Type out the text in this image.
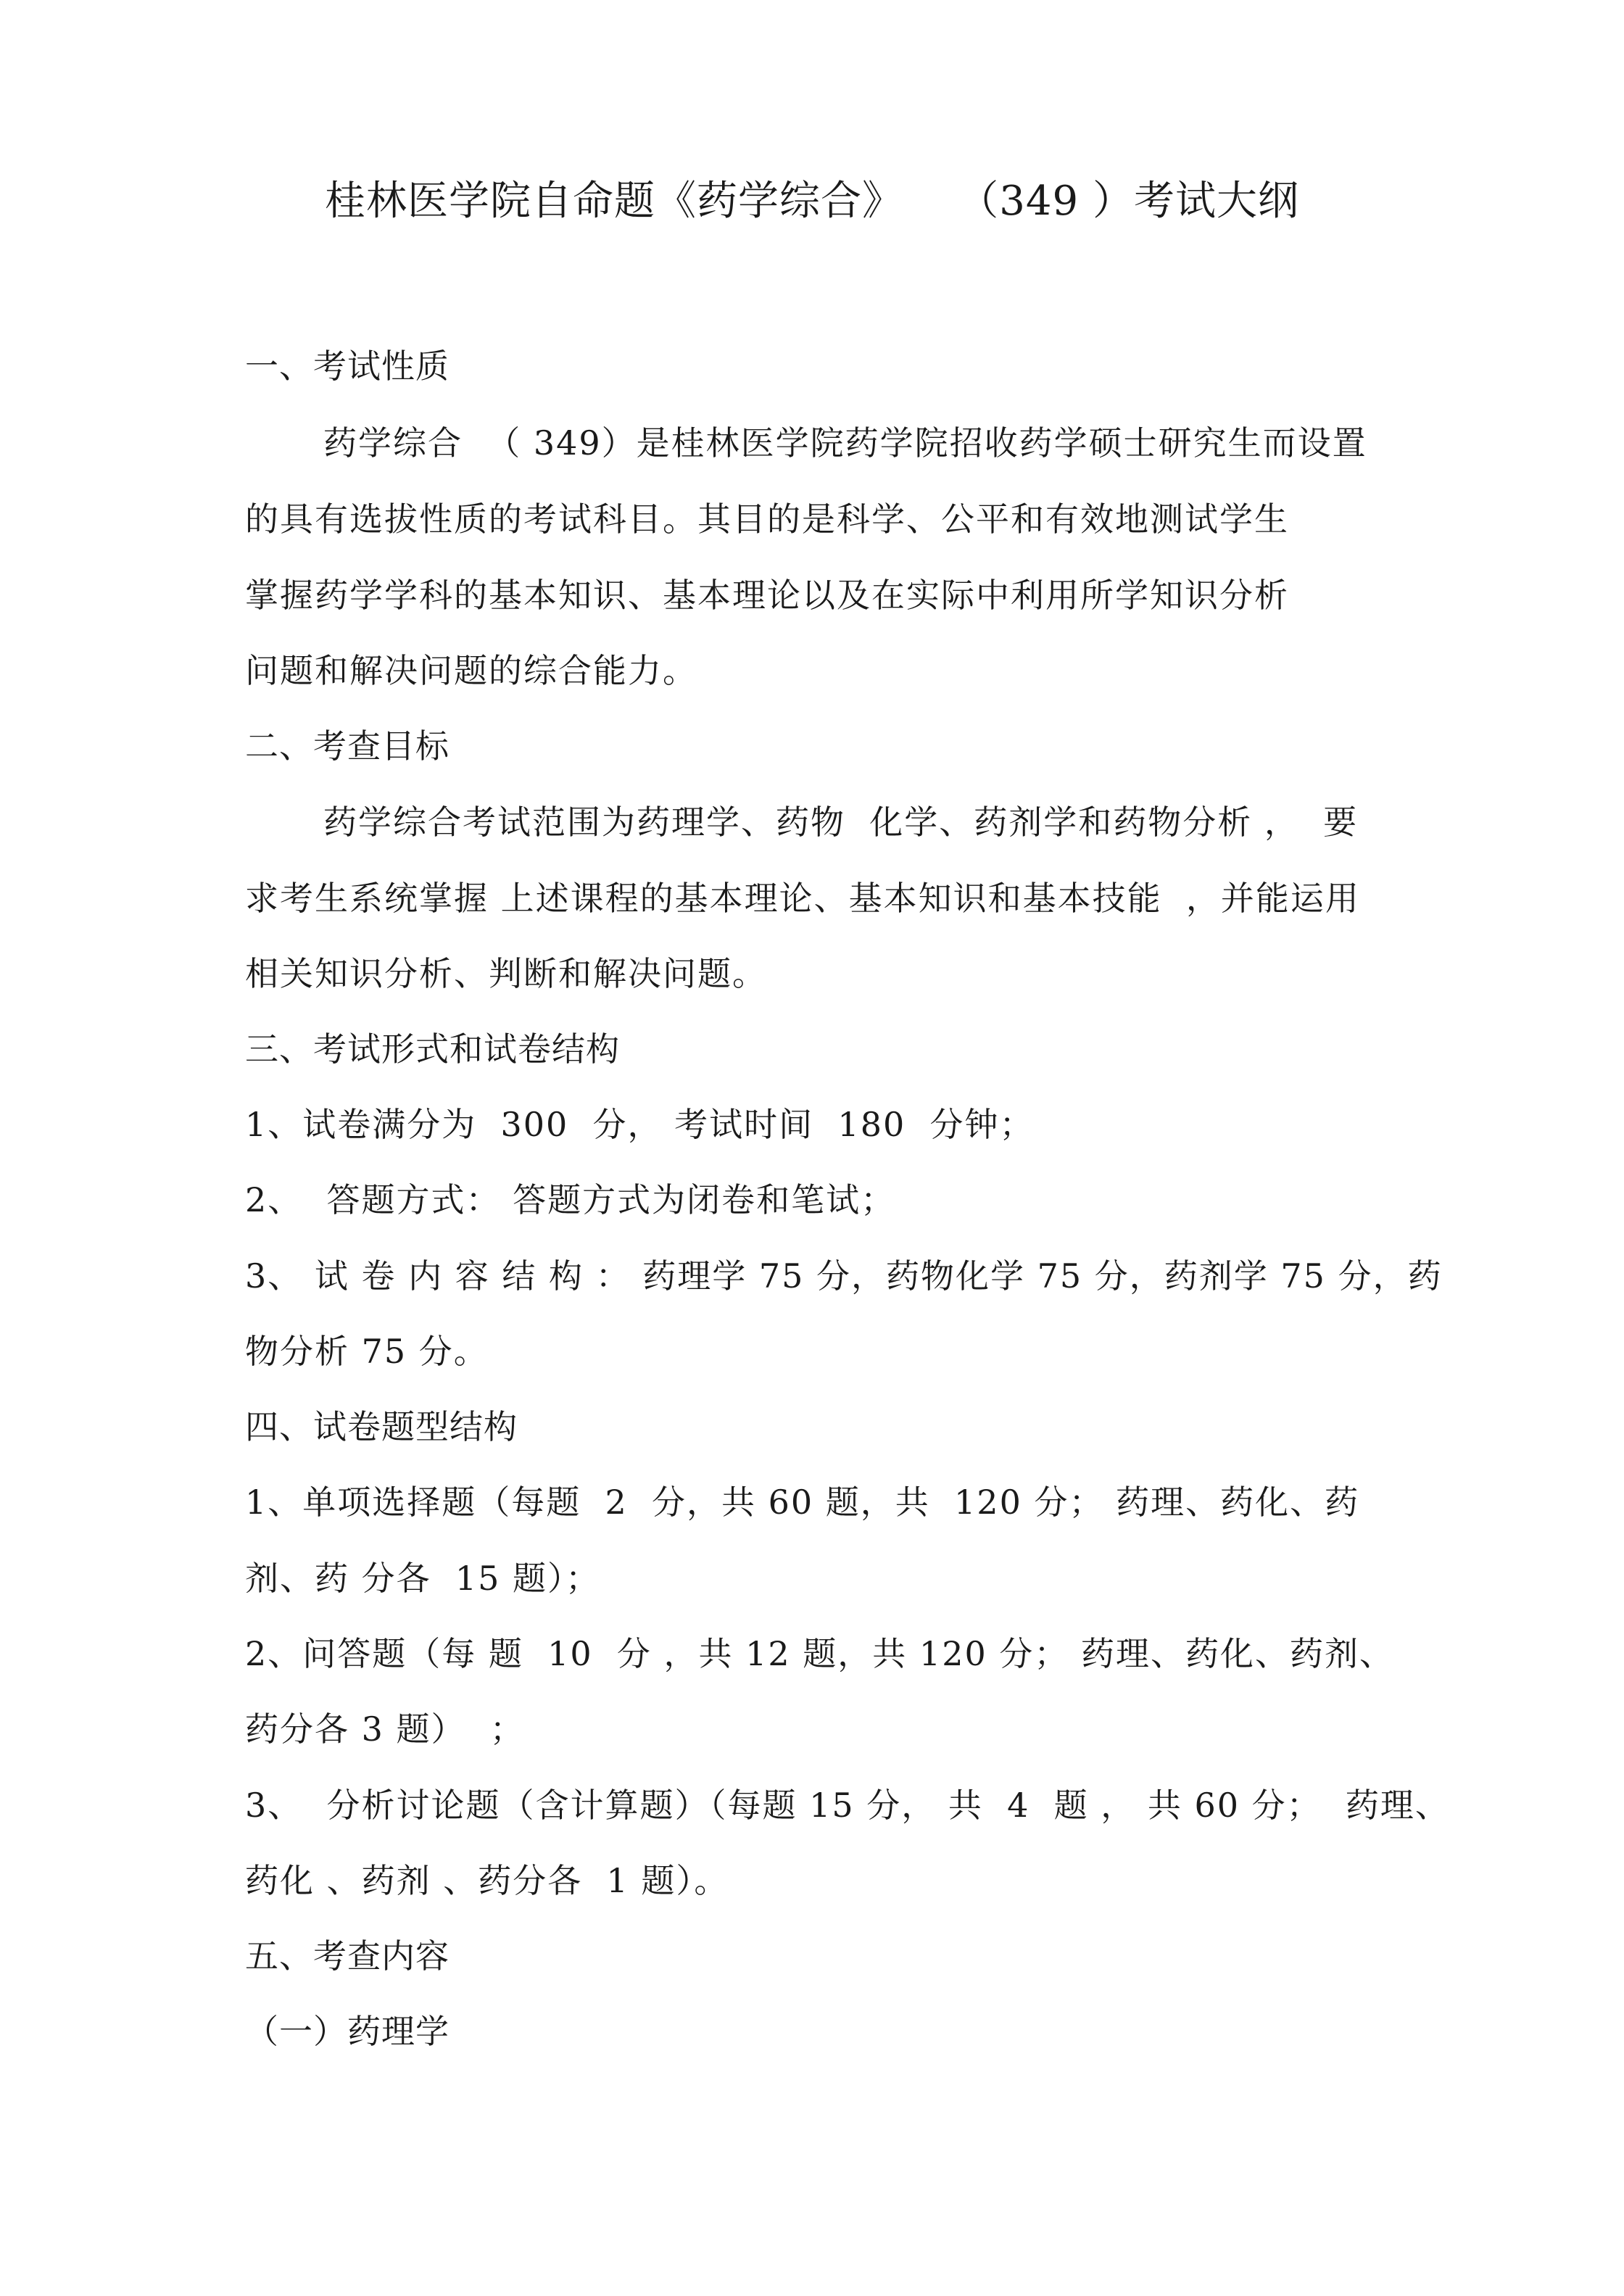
桂林医学院自命题《药学综合》    （349 ）考试大纲
一、考试性质
药学综合  （ 349）是桂林医学院药学院招收药学硕士研究生而设置
的具有选拔性质的考试科目。其目的是科学、公平和有效地测试学生
掌握药学学科的基本知识、基本理论以及在实际中利用所学知识分析
问题和解决问题的综合能力。
二、考查目标
药学综合考试范围为药理学、药物  化学、药剂学和药物分析 ，  要
求考生系统掌握 上述课程的基本理论、基本知识和基本技能  ，并能运用
相关知识分析、判断和解决问题。
三、考试形式和试卷结构
1、试卷满分为  300  分， 考试时间  180  分钟；
2、  答题方式： 答题方式为闭卷和笔试；
3、 试 卷 内 容 结 构 ： 药理学 75 分，药物化学 75 分，药剂学 75 分，药
物分析 75 分。
四、试卷题型结构
1、单项选择题（每题  2  分，共 60 题，共  120 分； 药理、药化、药
剂、药 分各  15 题）；
2、问答题（每 题  10  分 ，共 12 题，共 120 分； 药理、药化、药剂、
药分各 3 题）  ；
3、  分析讨论题（含计算题）（每题 15 分， 共  4  题 ， 共 60 分；  药理、
药化 、药剂 、药分各  1 题）。
五、考查内容
（一）药理学
